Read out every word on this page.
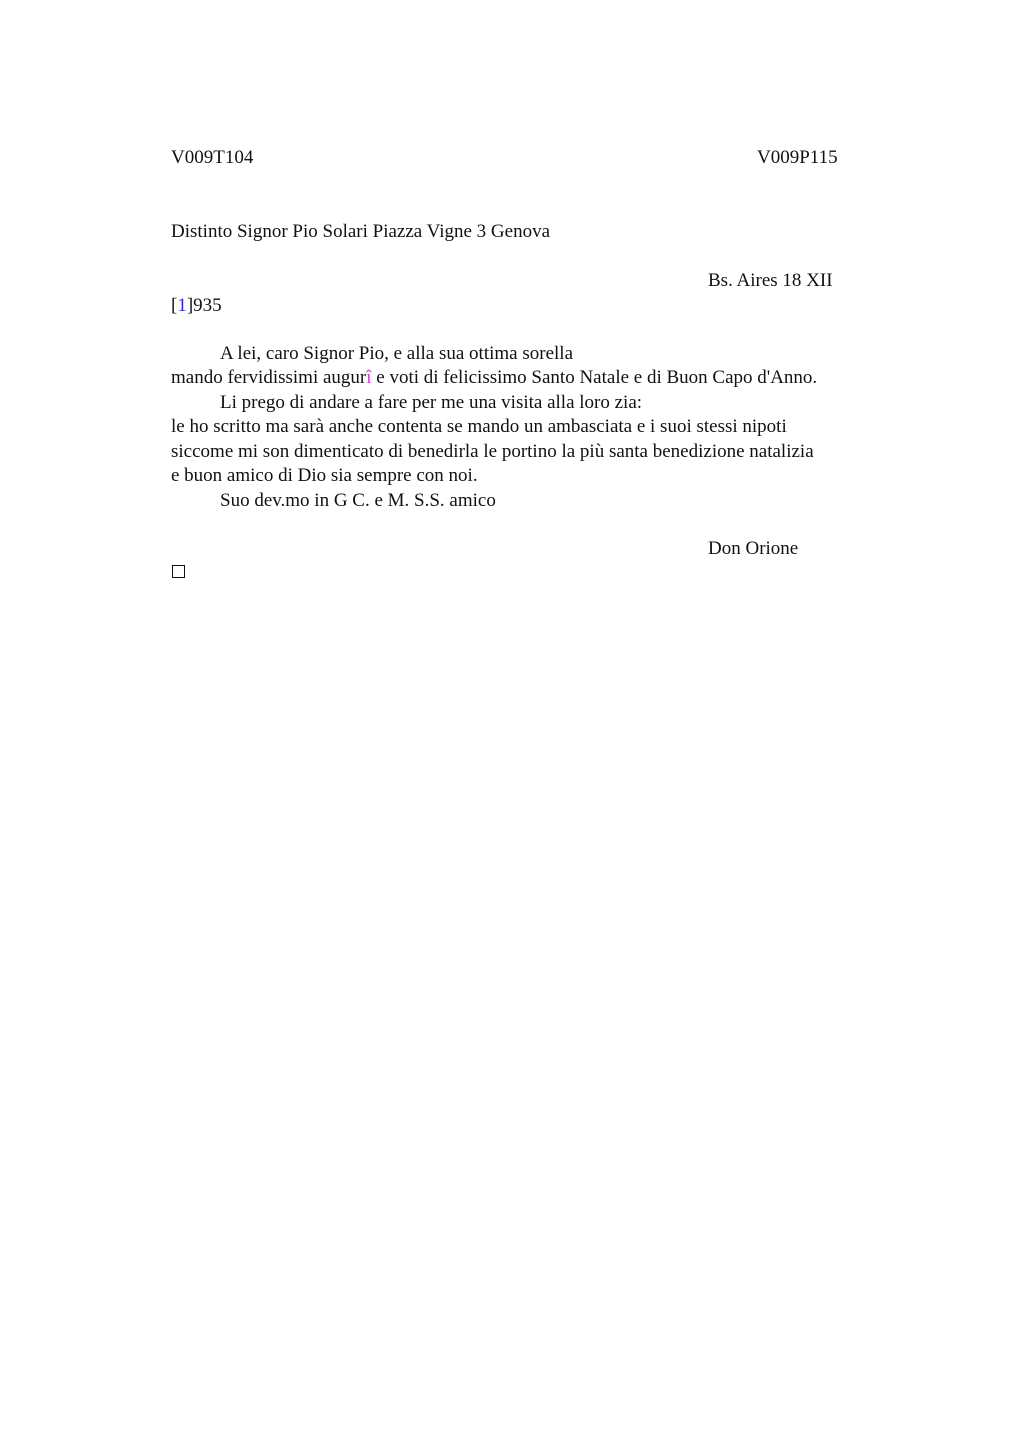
V009T104	V009P115
Distinto Signor Pio Solari Piazza Vigne 3 Genova
Bs. Aires 18 XII
[1]935
A lei, caro Signor Pio, e alla sua ottima sorella
mando fervidissimi augurî e voti di felicissimo Santo Natale e di Buon Capo d'Anno.
Li prego di andare a fare per me una visita alla loro zia:
le ho scritto ma sarà anche contenta se mando un ambasciata e i suoi stessi nipoti
siccome mi son dimenticato di benedirla le portino la più santa benedizione natalizia
e buon amico di Dio sia sempre con noi.
Suo dev.mo in G C. e M. S.S. amico
Don Orione
